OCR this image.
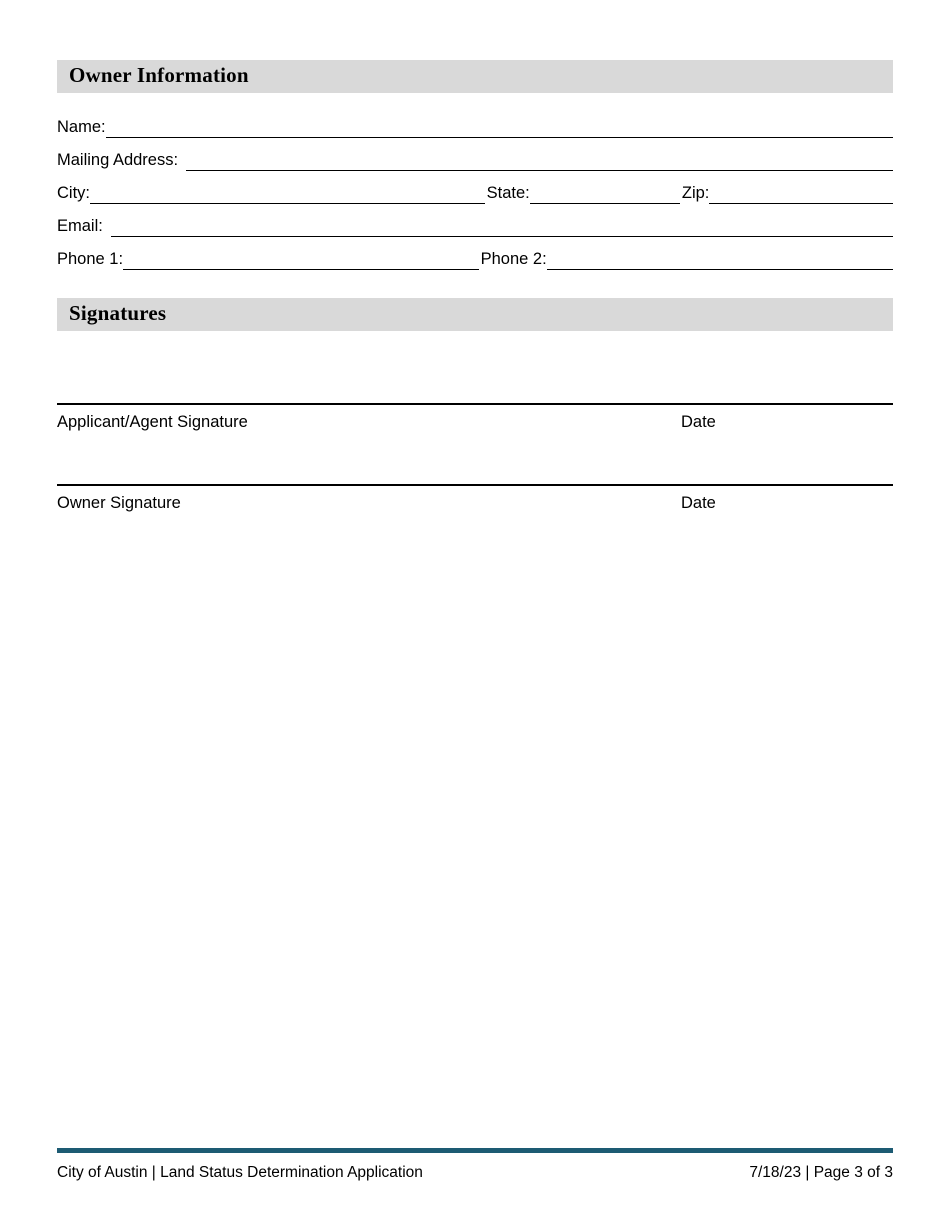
Owner Information
Name:
Mailing Address:
City:	State:	Zip:
Email:
Phone 1:	Phone 2:
Signatures
Applicant/Agent Signature	Date
Owner Signature	Date
City of Austin | Land Status Determination Application	7/18/23 | Page 3 of 3
